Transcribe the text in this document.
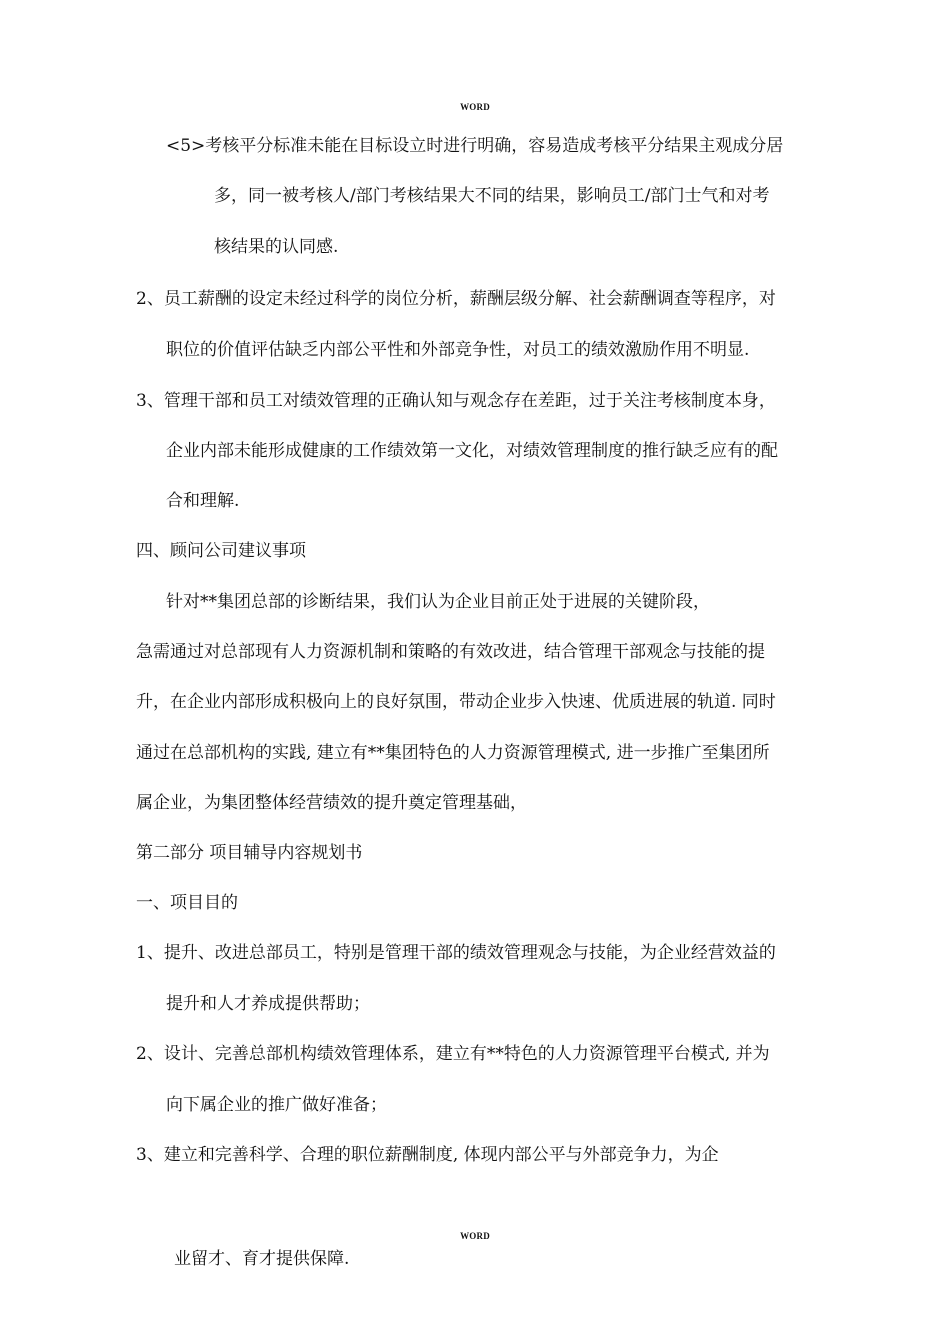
WORD
<5>考核平分标准未能在目标设立时进行明确，容易造成考核平分结果主观成分居
多，同一被考核人/部门考核结果大不同的结果，影响员工/部门士气和对考
核结果的认同感.
2、员工薪酬的设定未经过科学的岗位分析，薪酬层级分解、社会薪酬调查等程序，对
职位的价值评估缺乏内部公平性和外部竞争性，对员工的绩效激励作用不明显.
3、管理干部和员工对绩效管理的正确认知与观念存在差距，过于关注考核制度本身，
企业内部未能形成健康的工作绩效第一文化，对绩效管理制度的推行缺乏应有的配
合和理解.
四、顾问公司建议事项
针对**集团总部的诊断结果，我们认为企业目前正处于进展的关键阶段，
急需通过对总部现有人力资源机制和策略的有效改进，结合管理干部观念与技能的提
升，在企业内部形成积极向上的良好氛围，带动企业步入快速、优质进展的轨道. 同时
通过在总部机构的实践, 建立有**集团特色的人力资源管理模式, 进一步推广至集团所
属企业，为集团整体经营绩效的提升奠定管理基础，
第二部分 项目辅导内容规划书
一、项目目的
1、提升、改进总部员工，特别是管理干部的绩效管理观念与技能，为企业经营效益的
提升和人才养成提供帮助；
2、设计、完善总部机构绩效管理体系，建立有**特色的人力资源管理平台模式, 并为
向下属企业的推广做好准备；
3、建立和完善科学、合理的职位薪酬制度, 体现内部公平与外部竞争力，为企
WORD
业留才、育才提供保障.
